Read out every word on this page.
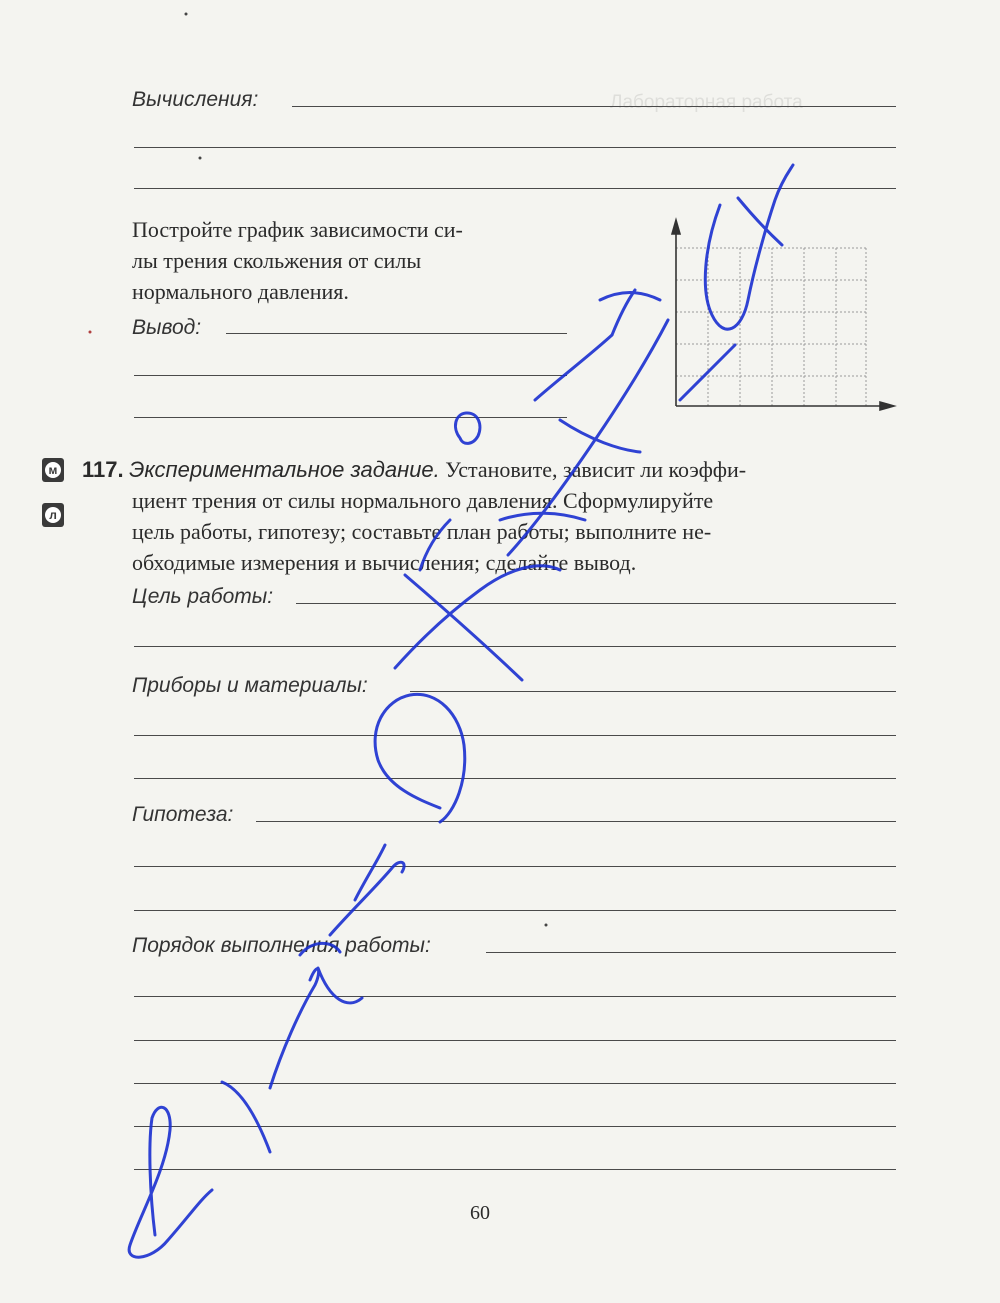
Лабораторная работа
Вычисления:
Постройте график зависимости си-
лы трения скольжения от силы
нормального давления.
Вывод:
м
л
117. Экспериментальное задание. Установите, зависит ли коэффи-
циент трения от силы нормального давления. Сформулируйте
цель работы, гипотезу; составьте план работы; выполните не-
обходимые измерения и вычисления; сделайте вывод.
Цель работы:
Приборы и материалы:
Гипотеза:
Порядок выполнения работы:
60
